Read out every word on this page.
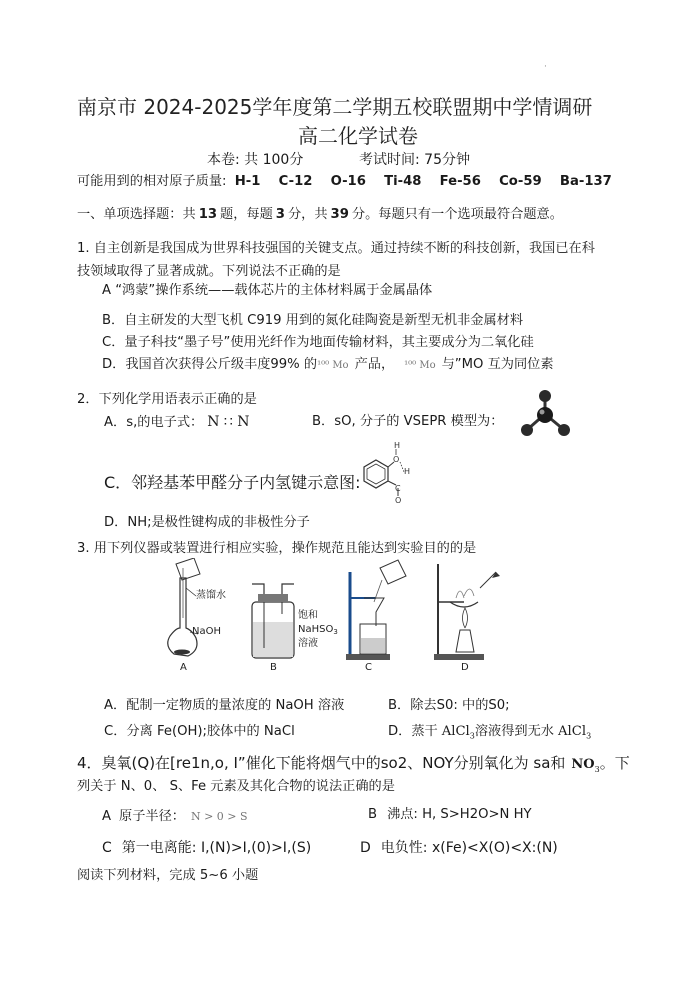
·
南京市 2024-2025学年度第二学期五校联盟期中学情调研
高二化学试卷
本卷: 共 100分	考试时间: 75分钟
可能用到的相对原子质量: H-1 C-12 O-16 Ti-48 Fe-56 Co-59 Ba-137
一、单项选择题：共 13 题，每题 3 分，共 39 分。每题只有一个选项最符合题意。
1. 自主创新是我国成为世界科技强国的关键支点。通过持续不断的科技创新，我国已在科
技领域取得了显著成就。下列说法不正确的是
A “鸿蒙”操作系统——载体芯片的主体材料属于金属晶体
B．自主研发的大型飞机 C919 用到的氮化硅陶瓷是新型无机非金属材料
C．量子科技“墨子号”使用光纤作为地面传输材料，其主要成分为二氧化硅
D．我国首次获得公斤级丰度99% 的¹⁰⁰ Mo 产品， ¹⁰⁰ Mo 与”MO 互为同位素
2．下列化学用语表示正确的是
A．s,的电子式： N ∷ N	B．sO, 分子的 VSEPR 模型为：
C．邻羟基苯甲醛分子内氢键示意图:
H
O
H
C
O
D．NH;是极性键构成的非极性分子
3. 用下列仪器或装置进行相应实验，操作规范且能达到实验目的的是
蒸馏水
NaOH
A
饱和
NaHSO$_3$
溶液
B	C	D
A．配制一定物质的量浓度的 NaOH 溶液	B．除去S0: 中的S0;
C．分离 Fe(OH);胶体中的 NaCl	D．蒸干 AlCl$_3$溶液得到无水 AlCl$_3$
4．臭氧(Q)在[re1n,o, I”催化下能将烟气中的so2、NOY分别氧化为 sa和 $NO_3$。下
列关于 N、0、 S、Fe 元素及其化合物的说法正确的是
A 原子半径： N > 0 > S	B 沸点: H, S>H2O>N HY
C 第一电离能: I,(N)>I,(0)>I,(S)	D 电负性: x(Fe)<X(O)<X:(N)
阅读下列材料，完成 5~6 小题
